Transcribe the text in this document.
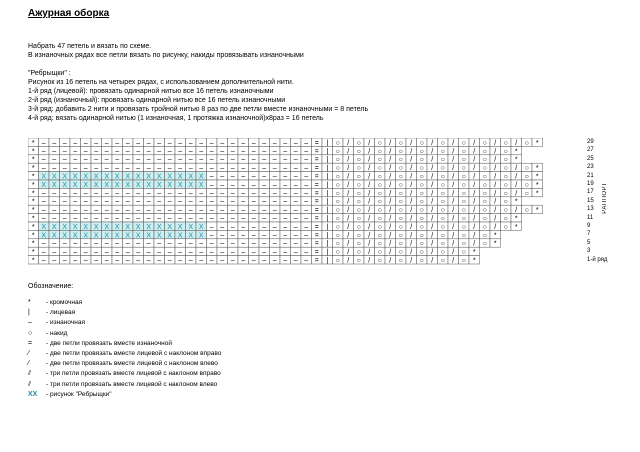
Ажурная оборка
Набрать 47 петель и вязать по схеме.
В изнаночных рядах все петли вязать по рисунку, накиды провязывать изнаночными
"Ребрыщки" :
Рисунок из 16 петель на четырех рядах, с использованием дополнительной нити.
1-й ряд (лицевой): провязать одинарной нитью все 16 петель изнаночными
2-й ряд (изнаночный): провязать одинарной нитью все 16 петель изнаночными
3-й ряд: добавить 2 нити и провязать тройной нитью 8 раз по две петли вместе изнаночными = 8 петель
4-й ряд: вязать одинарной нитью (1 изнаночная, 1 протяжка изнаночной)x8раз = 16 петель
* – – – – – – – – – – – – – – – – – – – – – – – – – – = | ○ / ○ / ○ / ○ / ○ / ○ / ○ / ○ / ○ / ○ *
* – – – – – – – – – – – – – – – – – – – – – – – – – – = | ○ / ○ / ○ / ○ / ○ / ○ / ○ / ○ / ○ *
* – – – – – – – – – – – – – – – – – – – – – – – – – – = | ○ / ○ / ○ / ○ / ○ / ○ / ○ / ○ / ○ *
* – – – – – – – – – – – – – – – – – – – – – – – – – – = | ○ / ○ / ○ / ○ / ○ / ○ / ○ / ○ / ○ / ○ *
* X X X X X X X X X X X X X X X X – – – – – – – – – – = | ○ / ○ / ○ / ○ / ○ / ○ / ○ / ○ / ○ / ○ *
* X X X X X X X X X X X X X X X X – – – – – – – – – – = | ○ / ○ / ○ / ○ / ○ / ○ / ○ / ○ / ○ / ○ *
* – – – – – – – – – – – – – – – – – – – – – – – – – – = | ○ / ○ / ○ / ○ / ○ / ○ / ○ / ○ / ○ / ○ *
* – – – – – – – – – – – – – – – – – – – – – – – – – – = | ○ / ○ / ○ / ○ / ○ / ○ / ○ / ○ / ○ *
* – – – – – – – – – – – – – – – – – – – – – – – – – – = | ○ / ○ / ○ / ○ / ○ / ○ / ○ / ○ / ○ / ○ *
* – – – – – – – – – – – – – – – – – – – – – – – – – – = | ○ / ○ / ○ / ○ / ○ / ○ / ○ / ○ / ○ *
* X X X X X X X X X X X X X X X X – – – – – – – – – – = | ○ / ○ / ○ / ○ / ○ / ○ / ○ / ○ / ○ *
* X X X X X X X X X X X X X X X X – – – – – – – – – – = | ○ / ○ / ○ / ○ / ○ / ○ / ○ / ○ *
* – – – – – – – – – – – – – – – – – – – – – – – – – – = | ○ / ○ / ○ / ○ / ○ / ○ / ○ / ○ *
* – – – – – – – – – – – – – – – – – – – – – – – – – – = | ○ / ○ / ○ / ○ / ○ / ○ / ○ *
* – – – – – – – – – – – – – – – – – – – – – – – – – – = | ○ / ○ / ○ / ○ / ○ / ○ / ○ *
29
27
25
23
21
19
17
15
13
11
9
7
5
3
1-й ряд
РАППОРТ
Обозначение:
* - кромочная
| - лицевая
– - изнаночная
○ - накид
= - две петли провязать вместе изнаночной
⁄	- две петли провязать вместе лицевой с наклоном вправо
⁄	- две петли провязать вместе лицевой с наклоном влево
⫽ - три петли провязать вместе лицевой с наклоном вправо
⫽ - три петли провязать вместе лицевой с наклоном влево
XX - рисунок "Ребрыщки"
